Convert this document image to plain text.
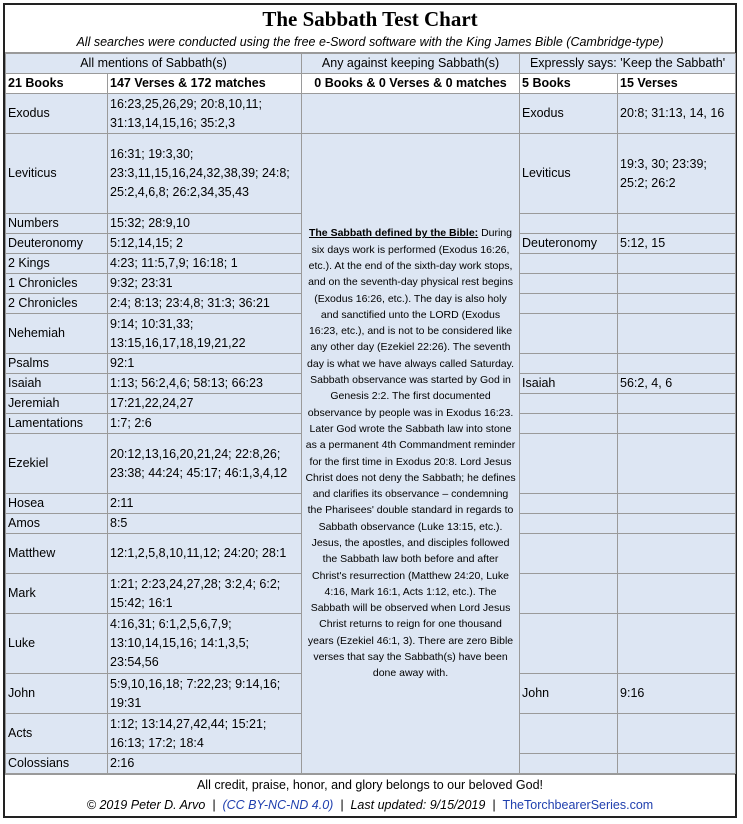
The Sabbath Test Chart
All searches were conducted using the free e-Sword software with the King James Bible (Cambridge-type)
All mentions of Sabbath(s)		Any against keeping Sabbath(s)	Expressly says: 'Keep the Sabbath'	
21 Books	147 Verses & 172 matches	0 Books & 0 Verses & 0 matches	5 Books	15 Verses
Exodus	16:23,25,26,29; 20:8,10,11; 31:13,14,15,16; 35:2,3		Exodus	20:8; 31:13, 14, 16
Leviticus	16:31; 19:3,30; 23:3,11,15,16,24,32,38,39; 24:8; 25:2,4,6,8; 26:2,34,35,43	The Sabbath defined by the Bible: During six days work is performed (Exodus 16:26, etc.). At the end of the sixth-day work stops, and on the seventh-day physical rest begins (Exodus 16:26, etc.). The day is also holy and sanctified unto the LORD (Exodus 16:23, etc.), and is not to be considered like any other day (Ezekiel 22:26). The seventh day is what we have always called Saturday. Sabbath observance was started by God in Genesis 2:2. The first documented observance by people was in Exodus 16:23. Later God wrote the Sabbath law into stone as a permanent 4th Commandment reminder for the first time in Exodus 20:8. Lord Jesus Christ does not deny the Sabbath; he defines and clarifies its observance – condemning the Pharisees' double standard in regards to Sabbath observance (Luke 13:15, etc.). Jesus, the apostles, and disciples followed the Sabbath law both before and after Christ's resurrection (Matthew 24:20, Luke 4:16, Mark 16:1, Acts 1:12, etc.). The Sabbath will be observed when Lord Jesus Christ returns to reign for one thousand years (Ezekiel 46:1, 3). There are zero Bible verses that say the Sabbath(s) have been done away with.	Leviticus	19:3, 30; 23:39; 25:2; 26:2
Numbers	15:32; 28:9,10			
Deuteronomy	5:12,14,15; 2		Deuteronomy	5:12, 15
2 Kings	4:23; 11:5,7,9; 16:18; 1			
1 Chronicles	9:32; 23:31			
2 Chronicles	2:4; 8:13; 23:4,8; 31:3; 36:21			
Nehemiah	9:14; 10:31,33; 13:15,16,17,18,19,21,22			
Psalms	92:1			
Isaiah	1:13; 56:2,4,6; 58:13; 66:23		Isaiah	56:2, 4, 6
Jeremiah	17:21,22,24,27			
Lamentations	1:7; 2:6			
Ezekiel	20:12,13,16,20,21,24; 22:8,26; 23:38; 44:24; 45:17; 46:1,3,4,12			
Hosea	2:11			
Amos	8:5			
Matthew	12:1,2,5,8,10,11,12; 24:20; 28:1			
Mark	1:21; 2:23,24,27,28; 3:2,4; 6:2; 15:42; 16:1			
Luke	4:16,31; 6:1,2,5,6,7,9; 13:10,14,15,16; 14:1,3,5; 23:54,56			
John	5:9,10,16,18; 7:22,23; 9:14,16; 19:31		John	9:16
Acts	1:12; 13:14,27,42,44; 15:21; 16:13; 17:2; 18:4			
Colossians	2:16			
All credit, praise, honor, and glory belongs to our beloved God!
© 2019 Peter D. Arvo  |  (CC BY-NC-ND 4.0)  |  Last updated: 9/15/2019  |  TheTorchbearerSeries.com
